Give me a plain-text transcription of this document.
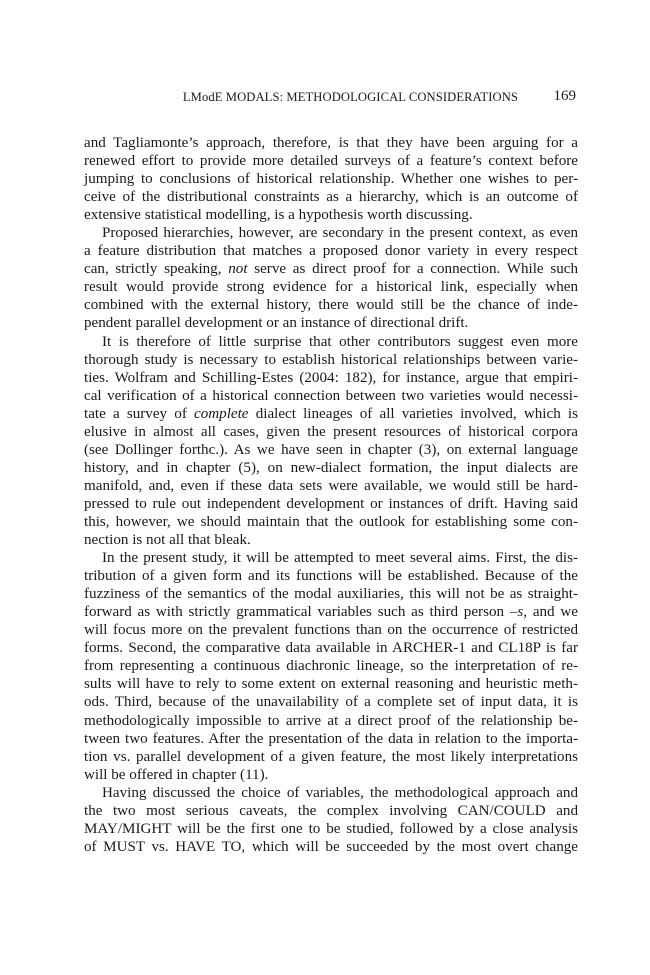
LModE MODALS: METHODOLOGICAL CONSIDERATIONS 169
and Tagliamonte’s approach, therefore, is that they have been arguing for a
renewed effort to provide more detailed surveys of a feature’s context before
jumping to conclusions of historical relationship. Whether one wishes to per-
ceive of the distributional constraints as a hierarchy, which is an outcome of
extensive statistical modelling, is a hypothesis worth discussing.
Proposed hierarchies, however, are secondary in the present context, as even
a feature distribution that matches a proposed donor variety in every respect
can, strictly speaking, not serve as direct proof for a connection. While such
result would provide strong evidence for a historical link, especially when
combined with the external history, there would still be the chance of inde-
pendent parallel development or an instance of directional drift.
It is therefore of little surprise that other contributors suggest even more
thorough study is necessary to establish historical relationships between varie-
ties. Wolfram and Schilling-Estes (2004: 182), for instance, argue that empiri-
cal verification of a historical connection between two varieties would necessi-
tate a survey of complete dialect lineages of all varieties involved, which is
elusive in almost all cases, given the present resources of historical corpora
(see Dollinger forthc.). As we have seen in chapter (3), on external language
history, and in chapter (5), on new-dialect formation, the input dialects are
manifold, and, even if these data sets were available, we would still be hard-
pressed to rule out independent development or instances of drift. Having said
this, however, we should maintain that the outlook for establishing some con-
nection is not all that bleak.
In the present study, it will be attempted to meet several aims. First, the dis-
tribution of a given form and its functions will be established. Because of the
fuzziness of the semantics of the modal auxiliaries, this will not be as straight-
forward as with strictly grammatical variables such as third person –s, and we
will focus more on the prevalent functions than on the occurrence of restricted
forms. Second, the comparative data available in ARCHER-1 and CL18P is far
from representing a continuous diachronic lineage, so the interpretation of re-
sults will have to rely to some extent on external reasoning and heuristic meth-
ods. Third, because of the unavailability of a complete set of input data, it is
methodologically impossible to arrive at a direct proof of the relationship be-
tween two features. After the presentation of the data in relation to the importa-
tion vs. parallel development of a given feature, the most likely interpretations
will be offered in chapter (11).
Having discussed the choice of variables, the methodological approach and
the two most serious caveats, the complex involving CAN/COULD and
MAY/MIGHT will be the first one to be studied, followed by a close analysis
of MUST vs. HAVE TO, which will be succeeded by the most overt change
